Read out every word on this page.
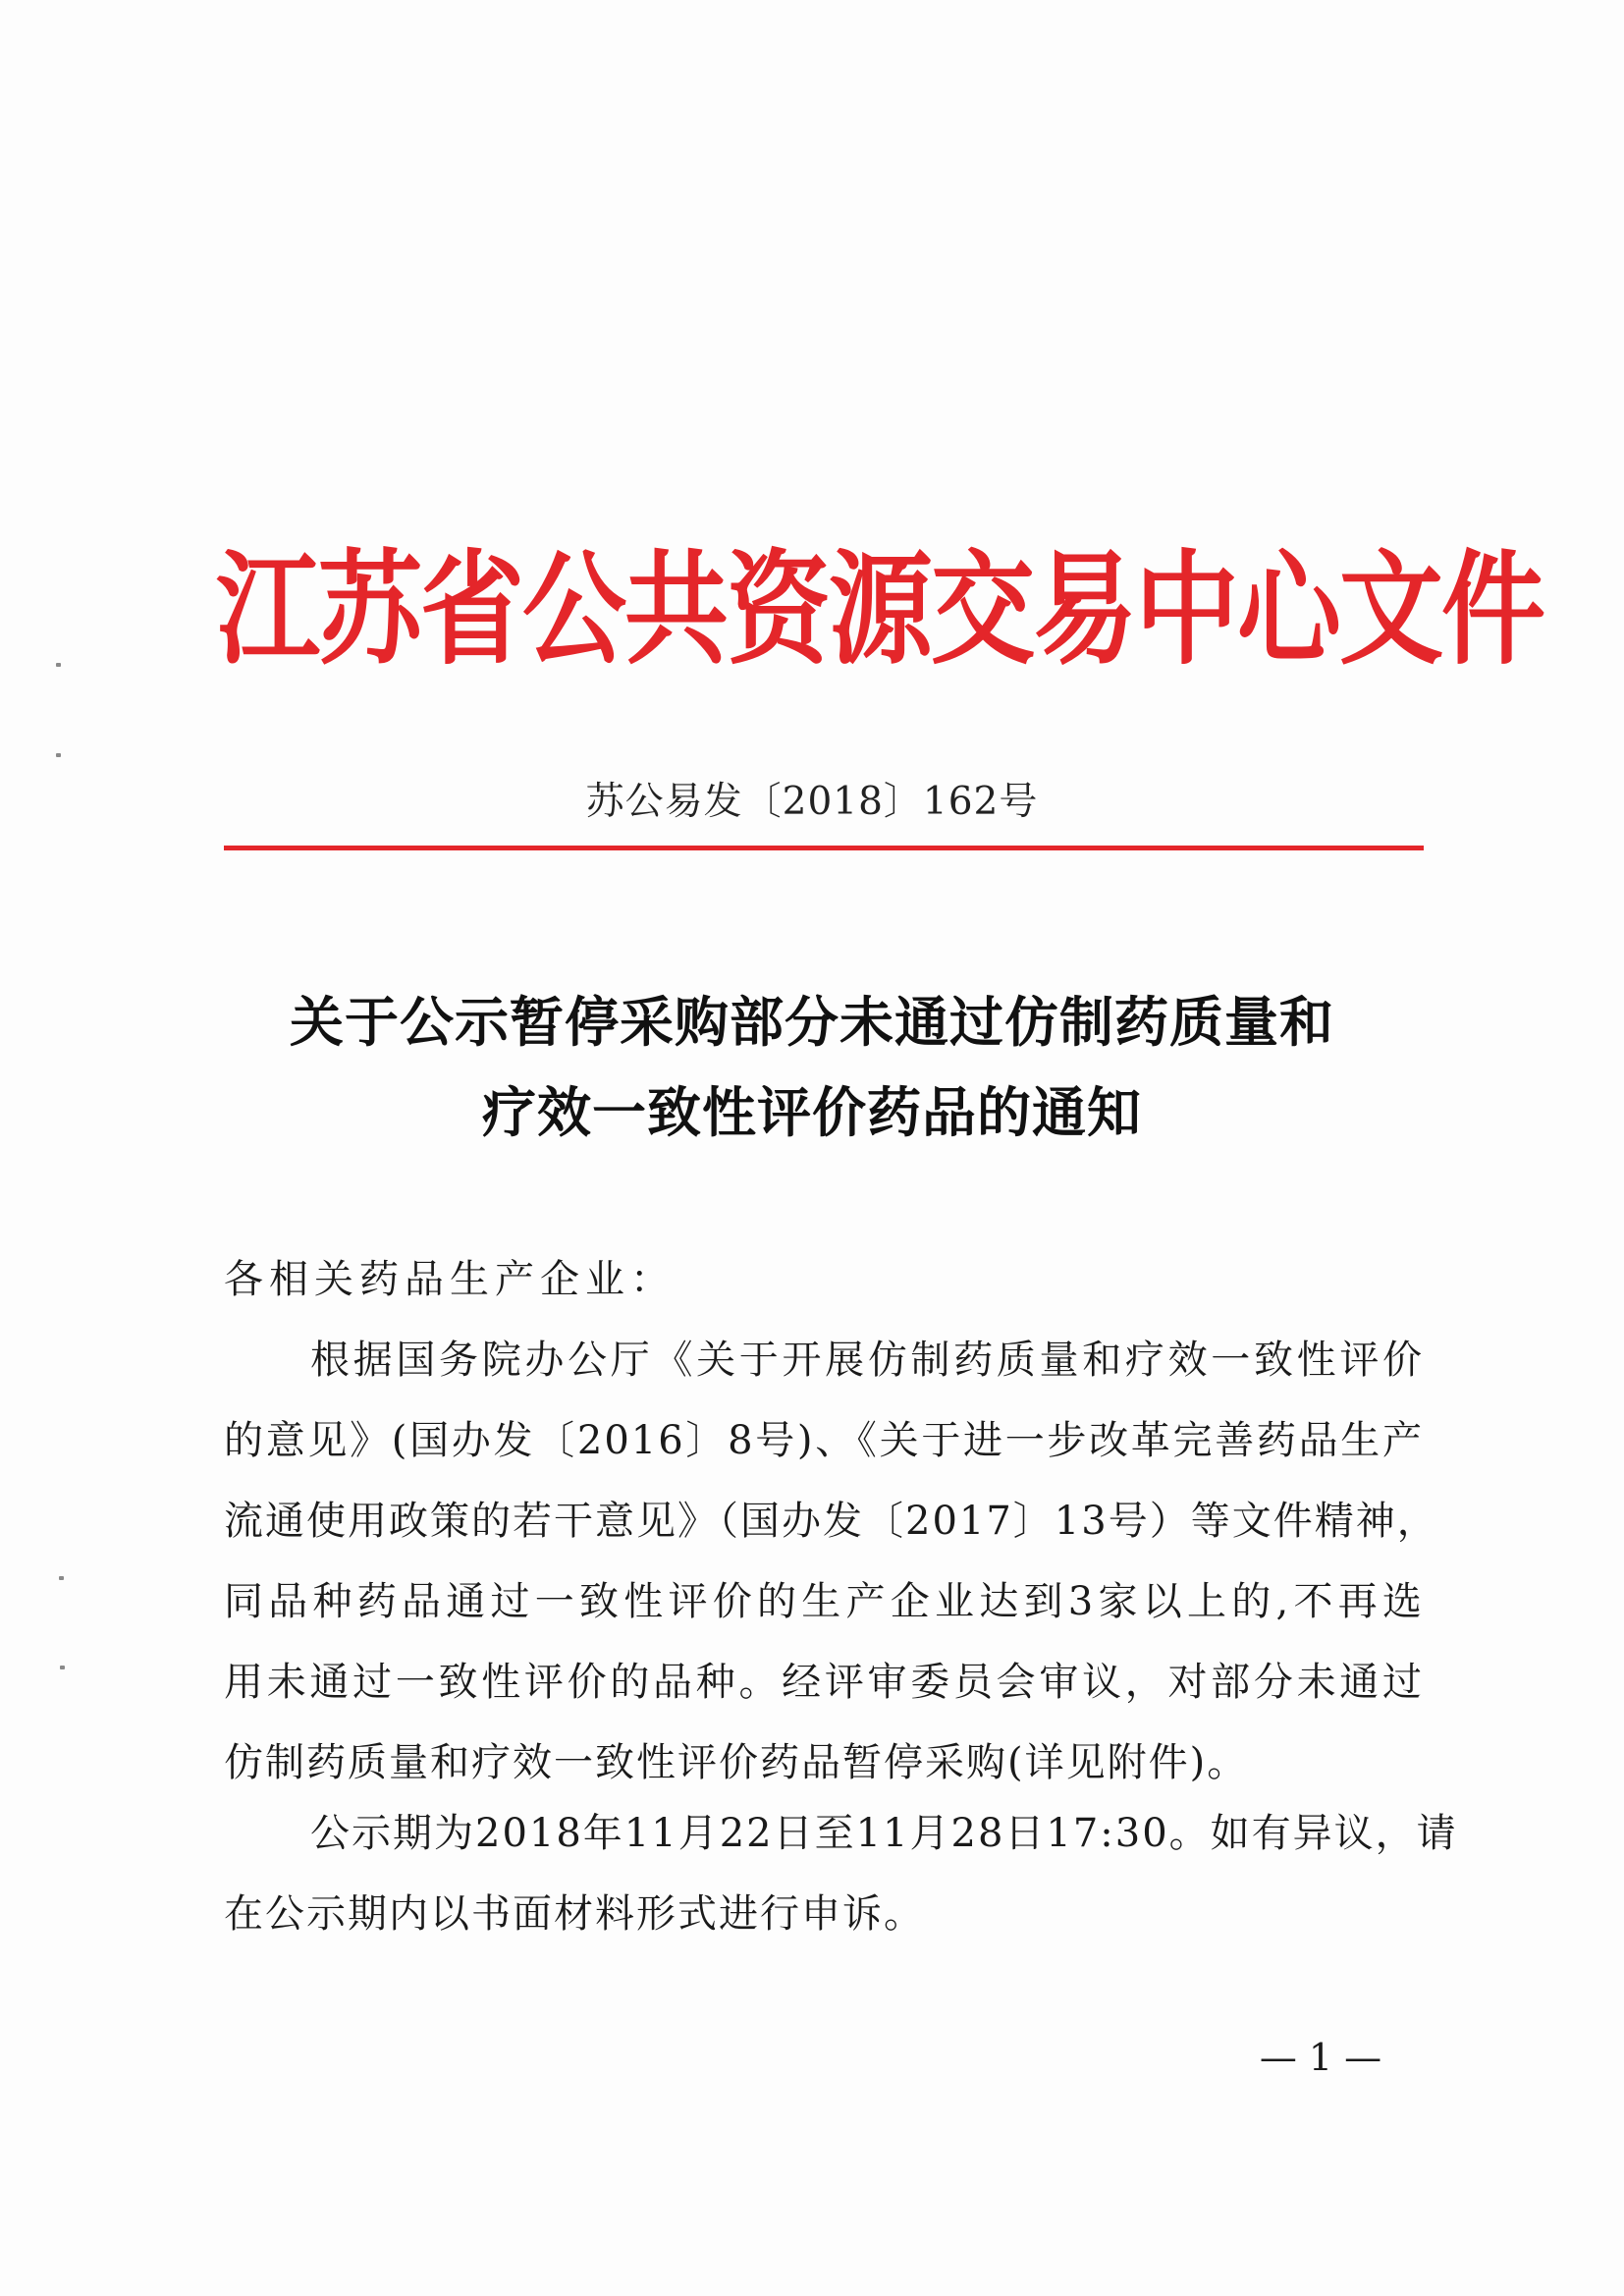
江苏省公共资源交易中心文件
苏公易发〔2018〕162号
关于公示暂停采购部分未通过仿制药质量和
疗效一致性评价药品的通知
各相关药品生产企业：
根据国务院办公厅《关于开展仿制药质量和疗效一致性评价
的意见》(国办发〔2016〕8号)、《关于进一步改革完善药品生产
流通使用政策的若干意见》（国办发〔2017〕13号）等文件精神，
同品种药品通过一致性评价的生产企业达到3家以上的,不再选
用未通过一致性评价的品种。经评审委员会审议，对部分未通过
仿制药质量和疗效一致性评价药品暂停采购(详见附件)。
公示期为2018年11月22日至11月28日17:30。如有异议，请
在公示期内以书面材料形式进行申诉。
— 1 —
